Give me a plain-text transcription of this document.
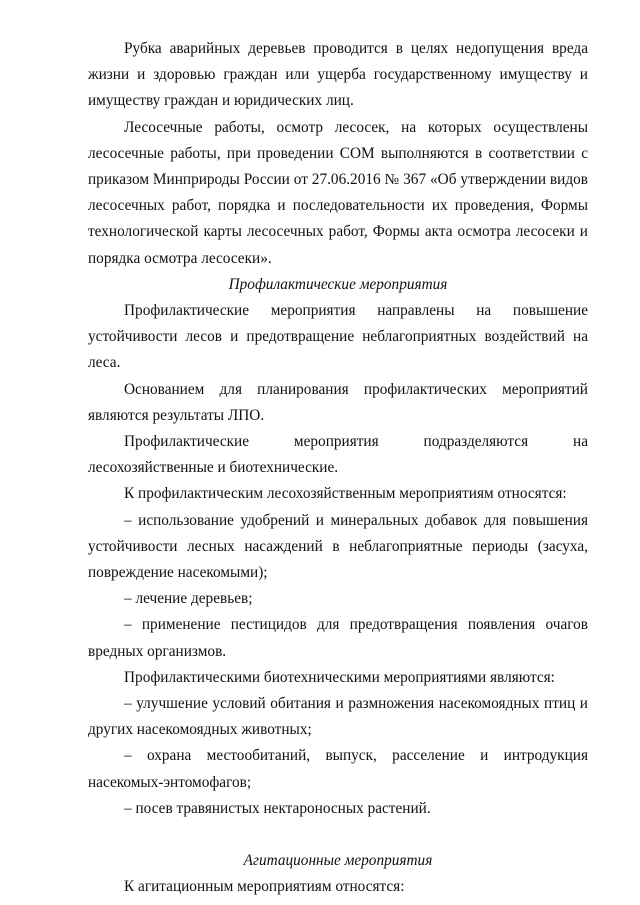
Рубка аварийных деревьев проводится в целях недопущения вреда жизни и здоровью граждан или ущерба государственному имуществу и имуществу граждан и юридических лиц.

Лесосечные работы, осмотр лесосек, на которых осуществлены лесосечные работы, при проведении СОМ выполняются в соответствии с приказом Минприроды России от 27.06.2016 № 367 «Об утверждении видов лесосечных работ, порядка и последовательности их проведения, Формы технологической карты лесосечных работ, Формы акта осмотра лесосеки и порядка осмотра лесосеки».

Профилактические мероприятия

Профилактические мероприятия направлены на повышение устойчивости лесов и предотвращение неблагоприятных воздействий на леса.

Основанием для планирования профилактических мероприятий являются результаты ЛПО.

Профилактические мероприятия подразделяются на лесохозяйственные и биотехнические.

К профилактическим лесохозяйственным мероприятиям относятся:

– использование удобрений и минеральных добавок для повышения устойчивости лесных насаждений в неблагоприятные периоды (засуха, повреждение насекомыми);

– лечение деревьев;

– применение пестицидов для предотвращения появления очагов вредных организмов.

Профилактическими биотехническими мероприятиями являются:

– улучшение условий обитания и размножения насекомоядных птиц и других насекомоядных животных;

– охрана местообитаний, выпуск, расселение и интродукция насекомых-энтомофагов;

– посев травянистых нектароносных растений.

Агитационные мероприятия

К агитационным мероприятиям относятся:
